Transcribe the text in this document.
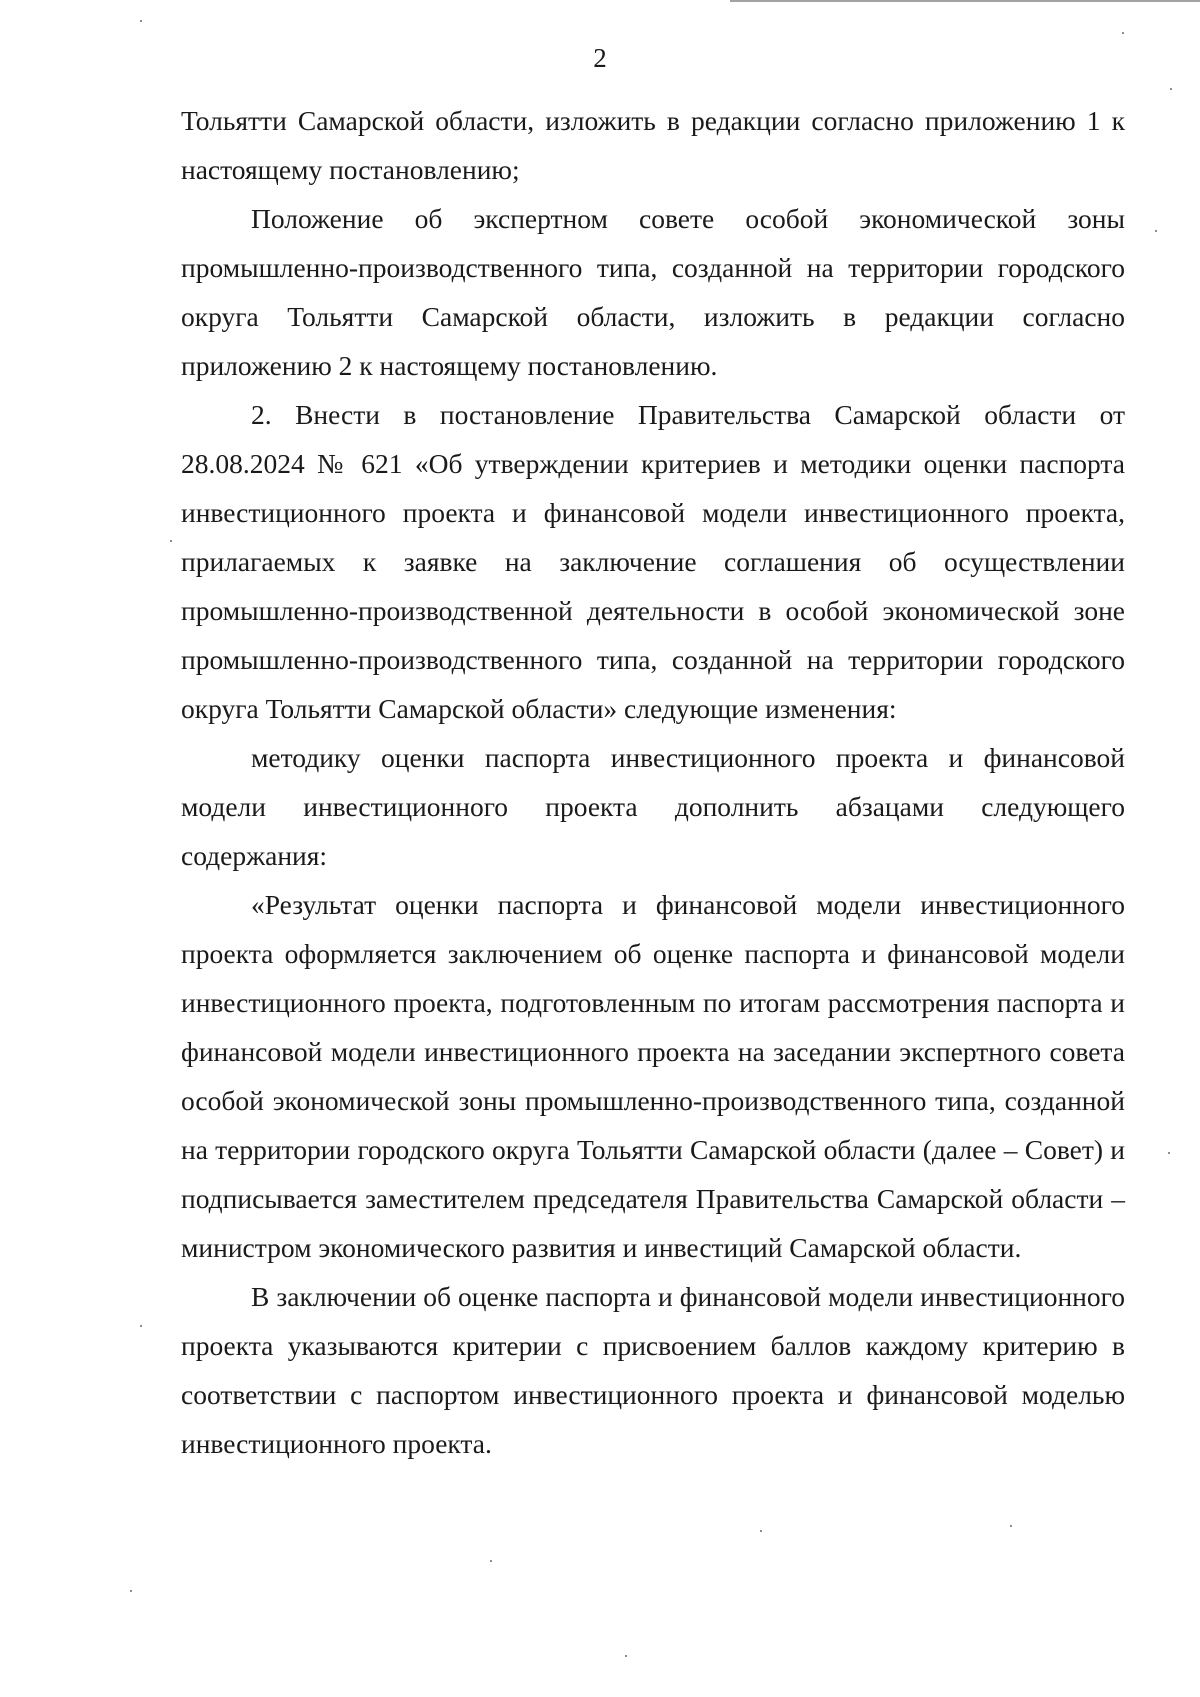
2

Тольятти Самарской области, изложить в редакции согласно приложению 1 к настоящему постановлению;

Положение об экспертном совете особой экономической зоны промышленно-производственного типа, созданной на территории городского округа Тольятти Самарской области, изложить в редакции согласно приложению 2 к настоящему постановлению.

2. Внести в постановление Правительства Самарской области от 28.08.2024 № 621 «Об утверждении критериев и методики оценки паспорта инвестиционного проекта и финансовой модели инвестиционного проекта, прилагаемых к заявке на заключение соглашения об осуществлении промышленно-производственной деятельности в особой экономической зоне промышленно-производственного типа, созданной на территории городского округа Тольятти Самарской области» следующие изменения:

методику оценки паспорта инвестиционного проекта и финансовой модели инвестиционного проекта дополнить абзацами следующего содержания:

«Результат оценки паспорта и финансовой модели инвестиционного проекта оформляется заключением об оценке паспорта и финансовой модели инвестиционного проекта, подготовленным по итогам рассмотрения паспорта и финансовой модели инвестиционного проекта на заседании экспертного совета особой экономической зоны промышленно-производственного типа, созданной на территории городского округа Тольятти Самарской области (далее – Совет) и подписывается заместителем председателя Правительства Самарской области – министром экономического развития и инвестиций Самарской области.

В заключении об оценке паспорта и финансовой модели инвестиционного проекта указываются критерии с присвоением баллов каждому критерию в соответствии с паспортом инвестиционного проекта и финансовой моделью инвестиционного проекта.
